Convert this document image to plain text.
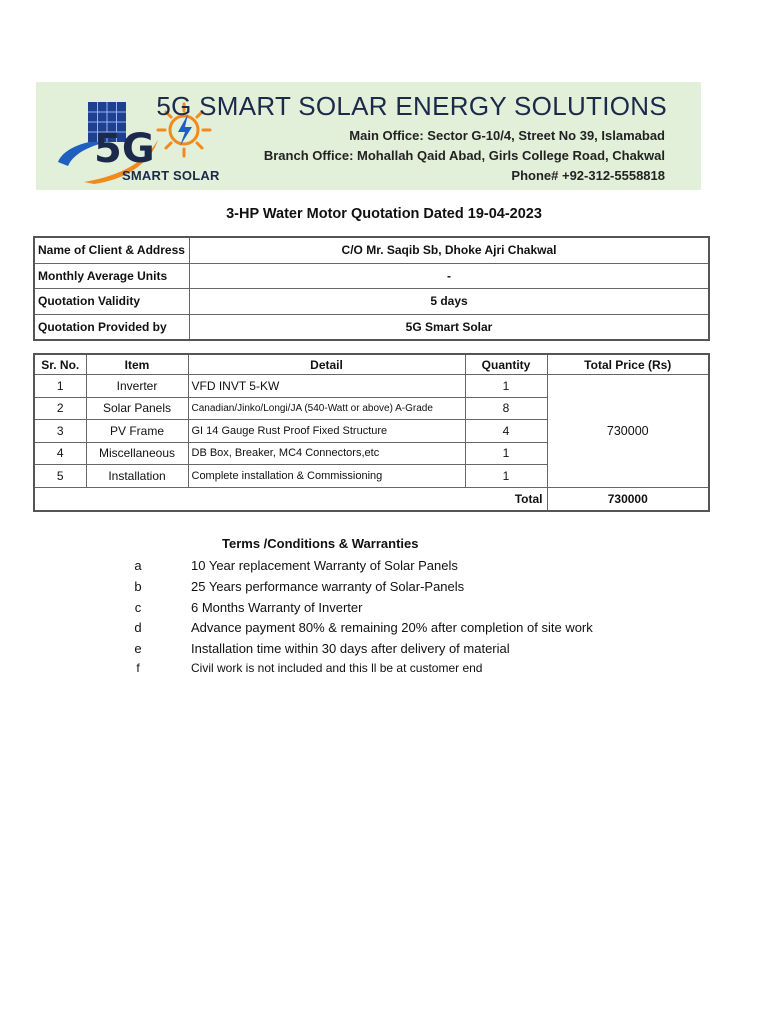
5G
SMART SOLAR
5G SMART SOLAR ENERGY SOLUTIONS
Main Office: Sector G-10/4, Street No 39, Islamabad
Branch Office: Mohallah Qaid Abad, Girls College Road, Chakwal
Phone# +92-312-5558818
3-HP Water Motor Quotation Dated 19-04-2023
Name of Client & Address	C/O Mr. Saqib Sb, Dhoke Ajri Chakwal
Monthly Average Units	-
Quotation Validity	5 days
Quotation Provided by	5G Smart Solar
Sr. No.	Item	Detail	Quantity	Total Price (Rs)
1	Inverter	VFD INVT 5-KW	1	730000
2	Solar Panels	Canadian/Jinko/Longi/JA (540-Watt or above) A-Grade	8	
3	PV Frame	GI 14 Gauge Rust Proof Fixed Structure	4	
4	Miscellaneous	DB Box, Breaker, MC4 Connectors,etc	1	
5	Installation	Complete installation & Commissioning	1	
Total				730000
Terms /Conditions & Warranties
a	10 Year replacement Warranty of Solar Panels
b	25 Years performance warranty of Solar-Panels
c	6 Months Warranty of Inverter
d	Advance payment 80% & remaining 20% after completion of site work
e	Installation time within 30 days after delivery of material
f	Civil work is not included and this ll be at customer end
